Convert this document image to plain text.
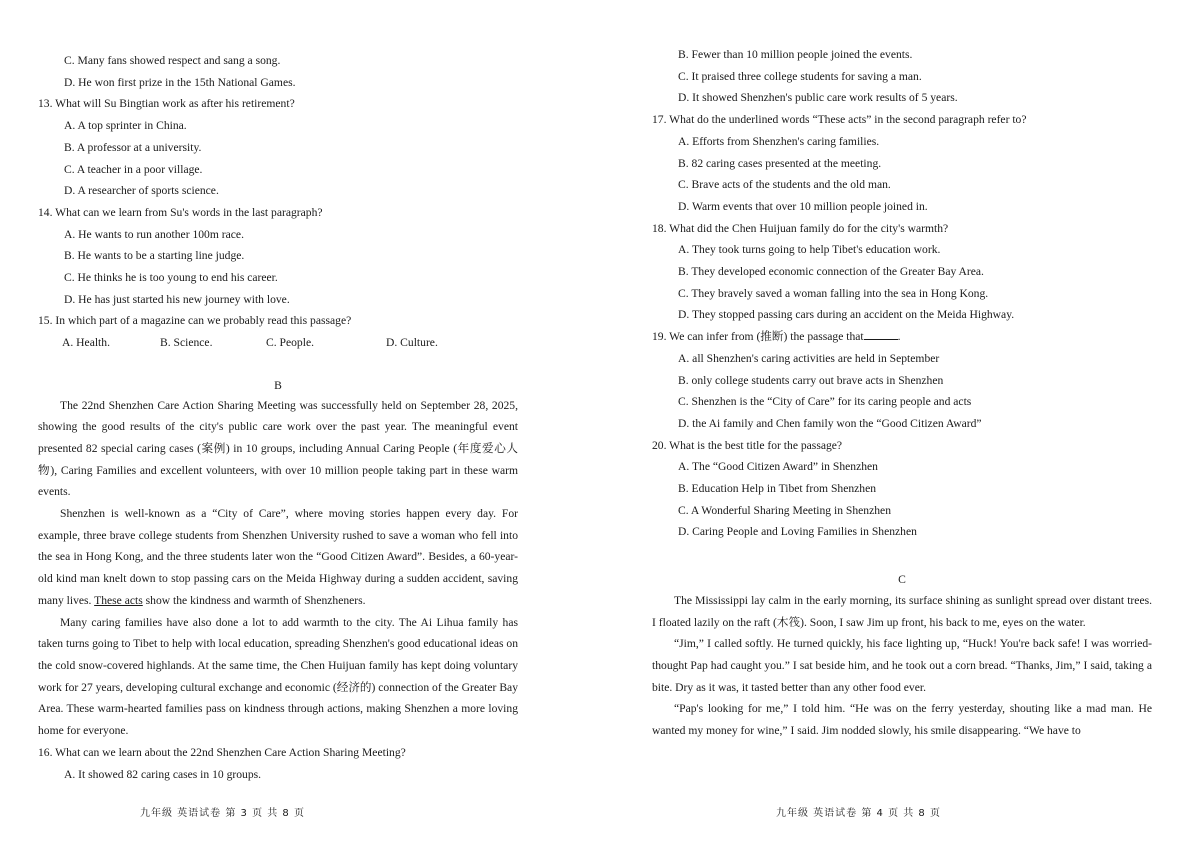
C. Many fans showed respect and sang a song.
D. He won first prize in the 15th National Games.
13. What will Su Bingtian work as after his retirement?
A. A top sprinter in China.
B. A professor at a university.
C. A teacher in a poor village.
D. A researcher of sports science.
14. What can we learn from Su's words in the last paragraph?
A. He wants to run another 100m race.
B. He wants to be a starting line judge.
C. He thinks he is too young to end his career.
D. He has just started his new journey with love.
15. In which part of a magazine can we probably read this passage?
A. Health.	B. Science.	C. People.	D. Culture.
B
The 22nd Shenzhen Care Action Sharing Meeting was successfully held on September 28, 2025, showing the good results of the city's public care work over the past year. The meaningful event presented 82 special caring cases (案例) in 10 groups, including Annual Caring People (年度爱心人物), Caring Families and excellent volunteers, with over 10 million people taking part in these warm events.
Shenzhen is well-known as a “City of Care”, where moving stories happen every day. For example, three brave college students from Shenzhen University rushed to save a woman who fell into the sea in Hong Kong, and the three students later won the “Good Citizen Award”. Besides, a 60-year-old kind man knelt down to stop passing cars on the Meida Highway during a sudden accident, saving many lives. These acts show the kindness and warmth of Shenzheners.
Many caring families have also done a lot to add warmth to the city. The Ai Lihua family has taken turns going to Tibet to help with local education, spreading Shenzhen's good educational ideas on the cold snow-covered highlands. At the same time, the Chen Huijuan family has kept doing voluntary work for 27 years, developing cultural exchange and economic (经济的) connection of the Greater Bay Area. These warm-hearted families pass on kindness through actions, making Shenzhen a more loving home for everyone.
16. What can we learn about the 22nd Shenzhen Care Action Sharing Meeting?
A. It showed 82 caring cases in 10 groups.
九年级 英语试卷 第 3 页 共 8 页
B. Fewer than 10 million people joined the events.
C. It praised three college students for saving a man.
D. It showed Shenzhen's public care work results of 5 years.
17. What do the underlined words “These acts” in the second paragraph refer to?
A. Efforts from Shenzhen's caring families.
B. 82 caring cases presented at the meeting.
C. Brave acts of the students and the old man.
D. Warm events that over 10 million people joined in.
18. What did the Chen Huijuan family do for the city's warmth?
A. They took turns going to help Tibet's education work.
B. They developed economic connection of the Greater Bay Area.
C. They bravely saved a woman falling into the sea in Hong Kong.
D. They stopped passing cars during an accident on the Meida Highway.
19. We can infer from (推断) the passage that	.
A. all Shenzhen's caring activities are held in September
B. only college students carry out brave acts in Shenzhen
C. Shenzhen is the “City of Care” for its caring people and acts
D. the Ai family and Chen family won the “Good Citizen Award”
20. What is the best title for the passage?
A. The “Good Citizen Award” in Shenzhen
B. Education Help in Tibet from Shenzhen
C. A Wonderful Sharing Meeting in Shenzhen
D. Caring People and Loving Families in Shenzhen
C
The Mississippi lay calm in the early morning, its surface shining as sunlight spread over distant trees. I floated lazily on the raft (木筏). Soon, I saw Jim up front, his back to me, eyes on the water.
“Jim,” I called softly. He turned quickly, his face lighting up, “Huck! You're back safe! I was worried- thought Pap had caught you.” I sat beside him, and he took out a corn bread. “Thanks, Jim,” I said, taking a bite. Dry as it was, it tasted better than any other food ever.
“Pap's looking for me,” I told him. “He was on the ferry yesterday, shouting like a mad man. He wanted my money for wine,” I said. Jim nodded slowly, his smile disappearing. “We have to
九年级 英语试卷 第 4 页 共 8 页
